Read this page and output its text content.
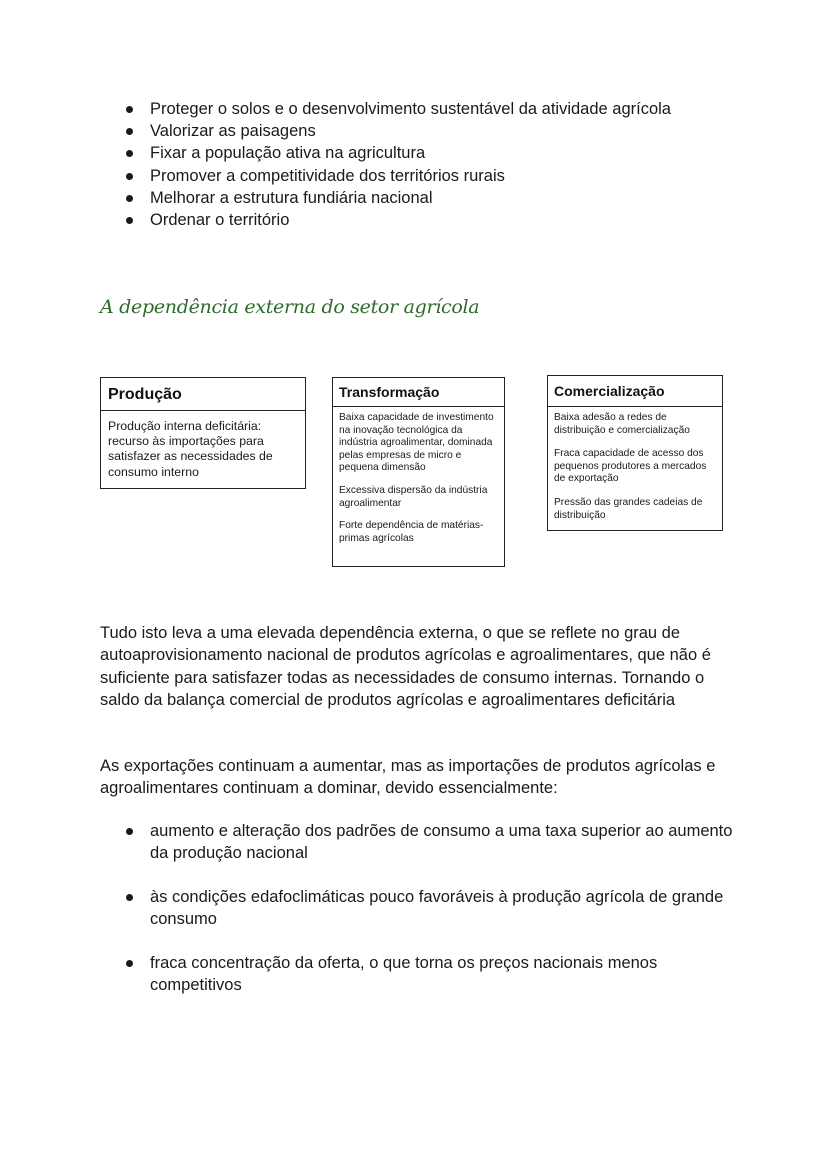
Proteger o solos e o desenvolvimento sustentável da atividade agrícola
Valorizar as paisagens
Fixar a população ativa na agricultura
Promover a competitividade dos territórios rurais
Melhorar a estrutura fundiária nacional
Ordenar o território
A dependência externa do setor agrícola
Produção

Produção interna deficitária: recurso às importações para satisfazer as necessidades de consumo interno

Transformação

Baixa capacidade de investimento na inovação tecnológica da indústria agroalimentar, dominada pelas empresas de micro e pequena dimensão

Excessiva dispersão da indústria agroalimentar

Forte dependência de matérias-primas agrícolas

Comercialização

Baixa adesão a redes de distribuição e comercialização

Fraca capacidade de acesso dos pequenos produtores a mercados de exportação

Pressão das grandes cadeias de distribuição

Tudo isto leva a uma elevada dependência externa, o que se reflete no grau de autoaprovisionamento nacional de produtos agrícolas e agroalimentares, que não é suficiente para satisfazer todas as necessidades de consumo internas. Tornando o saldo da balança comercial de produtos agrícolas e agroalimentares deficitária

As exportações continuam a aumentar, mas as importações de produtos agrícolas e agroalimentares continuam a dominar, devido essencialmente:

aumento e alteração dos padrões de consumo a uma taxa superior ao aumento da produção nacional
às condições edafoclimáticas pouco favoráveis à produção agrícola de grande consumo
fraca concentração da oferta, o que torna os preços nacionais menos competitivos
